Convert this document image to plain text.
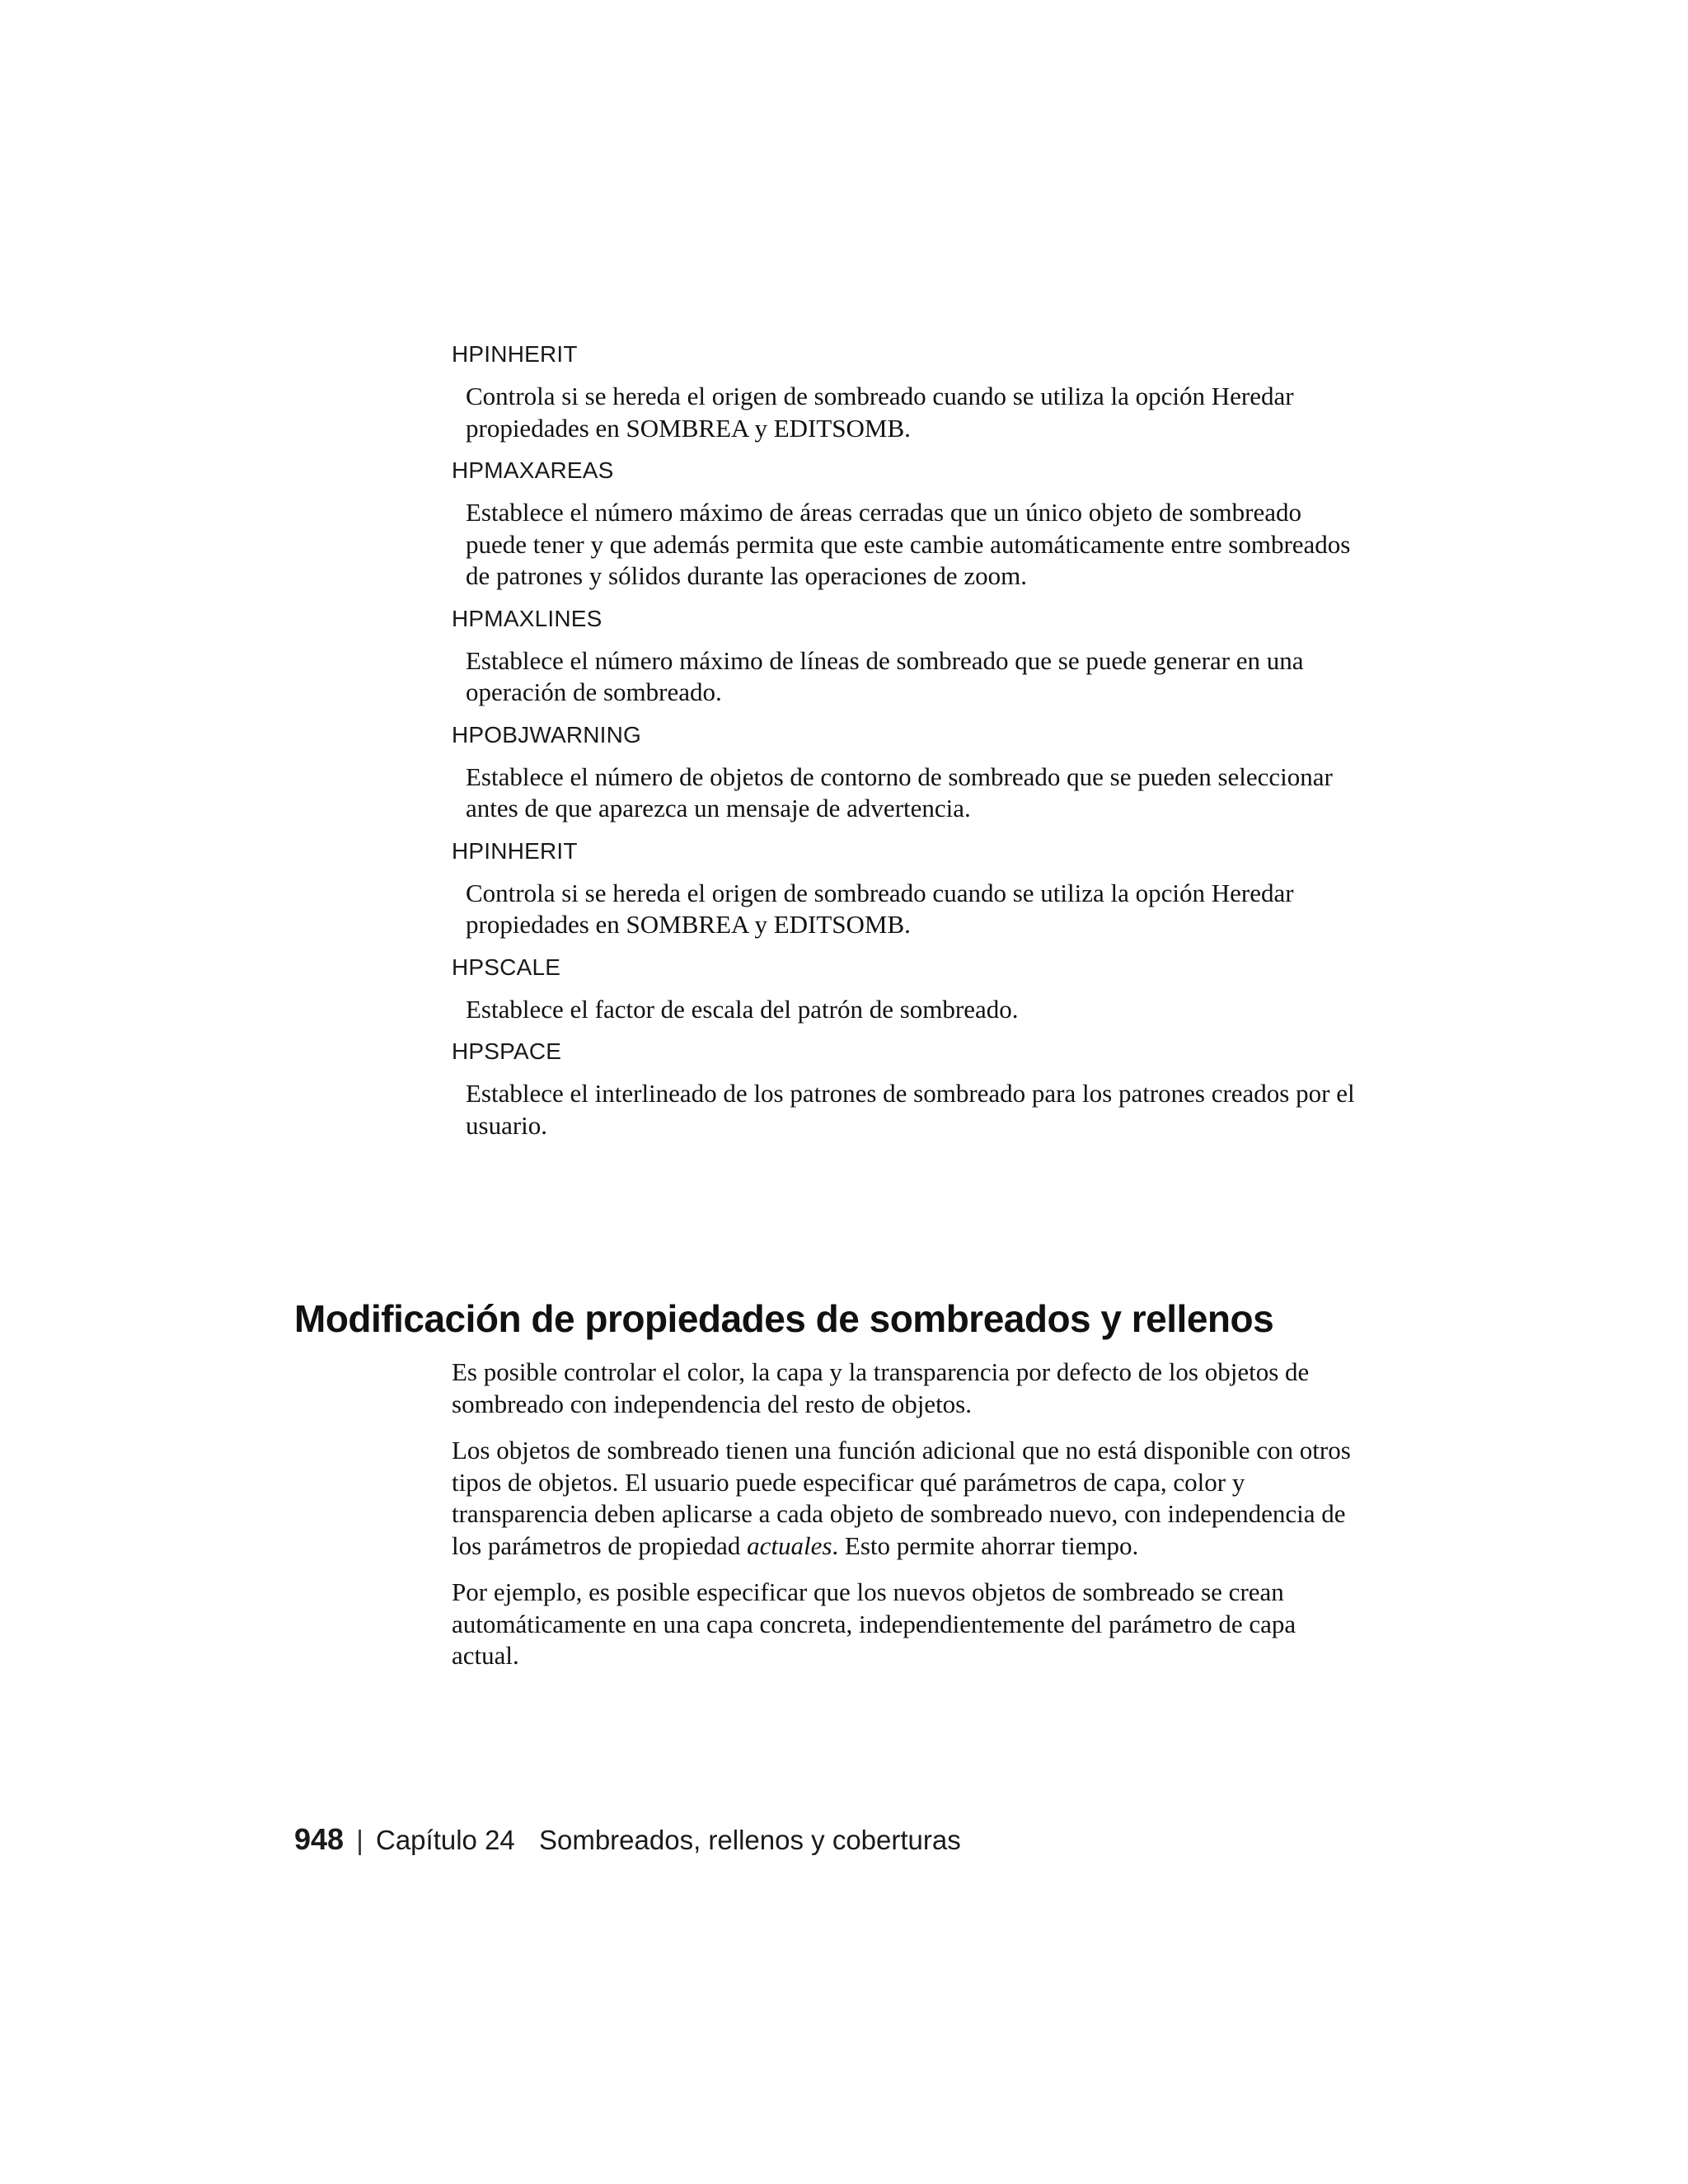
HPINHERIT

Controla si se hereda el origen de sombreado cuando se utiliza la opción Heredar propiedades en SOMBREA y EDITSOMB.

HPMAXAREAS

Establece el número máximo de áreas cerradas que un único objeto de sombreado puede tener y que además permita que este cambie automáticamente entre sombreados de patrones y sólidos durante las operaciones de zoom.

HPMAXLINES

Establece el número máximo de líneas de sombreado que se puede generar en una operación de sombreado.

HPOBJWARNING

Establece el número de objetos de contorno de sombreado que se pueden seleccionar antes de que aparezca un mensaje de advertencia.

HPINHERIT

Controla si se hereda el origen de sombreado cuando se utiliza la opción Heredar propiedades en SOMBREA y EDITSOMB.

HPSCALE

Establece el factor de escala del patrón de sombreado.

HPSPACE

Establece el interlineado de los patrones de sombreado para los patrones creados por el usuario.

Modificación de propiedades de sombreados y rellenos

Es posible controlar el color, la capa y la transparencia por defecto de los objetos de sombreado con independencia del resto de objetos.

Los objetos de sombreado tienen una función adicional que no está disponible con otros tipos de objetos. El usuario puede especificar qué parámetros de capa, color y transparencia deben aplicarse a cada objeto de sombreado nuevo, con independencia de los parámetros de propiedad actuales. Esto permite ahorrar tiempo.

Por ejemplo, es posible especificar que los nuevos objetos de sombreado se crean automáticamente en una capa concreta, independientemente del parámetro de capa actual.

948 | Capítulo 24 Sombreados, rellenos y coberturas
